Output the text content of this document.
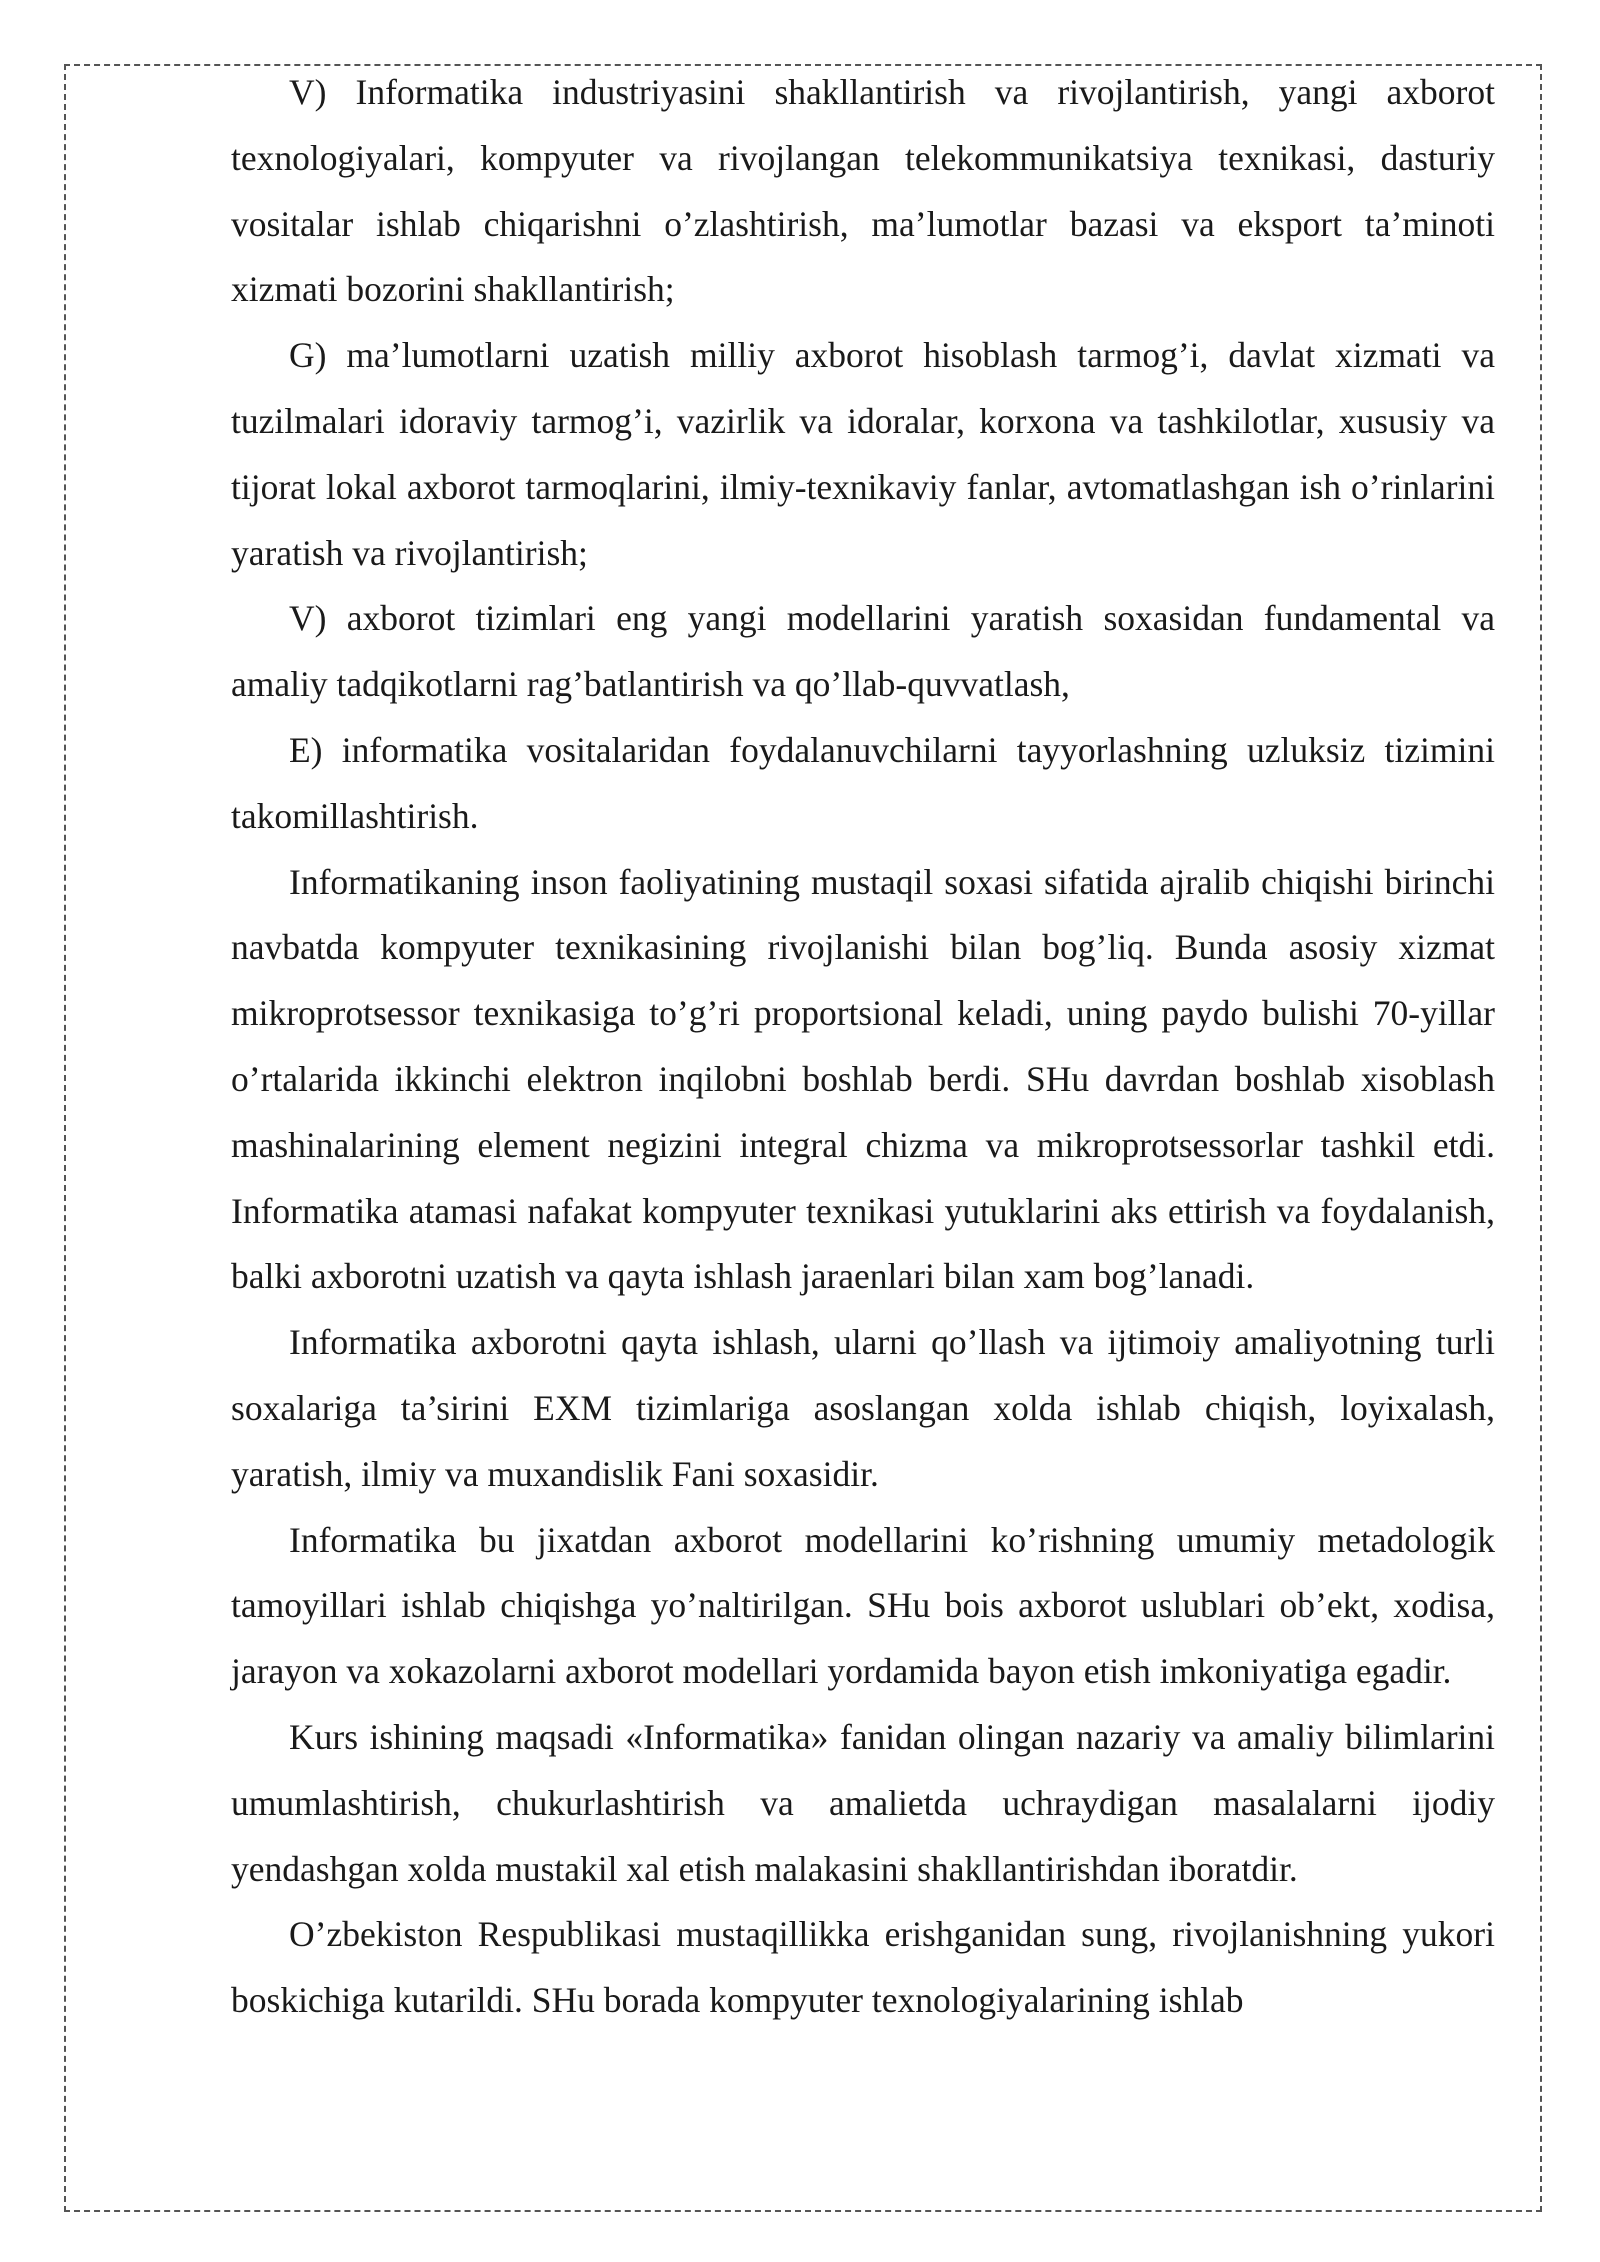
V) Informatika industriyasini shakllantirish va rivojlantirish, yangi axborot texnologiyalari, kompyuter va rivojlangan telekommunikatsiya texnikasi, dasturiy vositalar ishlab chiqarishni o’zlashtirish, ma’lumotlar bazasi va eksport ta’minoti xizmati bozorini shakllantirish;

G) ma’lumotlarni uzatish milliy axborot hisoblash tarmog’i, davlat xizmati va tuzilmalari idoraviy tarmog’i, vazirlik va idoralar, korxona va tashkilotlar, xususiy va tijorat lokal axborot tarmoqlarini, ilmiy-texnikaviy fanlar, avtomatlashgan ish o’rinlarini yaratish va rivojlantirish;

V) axborot tizimlari eng yangi modellarini yaratish soxasidan fundamental va amaliy tadqikotlarni rag’batlantirish va qo’llab-quvvatlash,

E) informatika vositalaridan foydalanuvchilarni tayyorlashning uzluksiz tizimini takomillashtirish.

Informatikaning inson faoliyatining mustaqil soxasi sifatida ajralib chiqishi birinchi navbatda kompyuter texnikasining rivojlanishi bilan bog’liq. Bunda asosiy xizmat mikroprotsessor texnikasiga to’g’ri proportsional keladi, uning paydo bulishi 70-yillar o’rtalarida ikkinchi elektron inqilobni boshlab berdi. SHu davrdan boshlab xisoblash mashinalarining element negizini integral chizma va mikroprotsessorlar tashkil etdi. Informatika atamasi nafakat kompyuter texnikasi yutuklarini aks ettirish va foydalanish, balki axborotni uzatish va qayta ishlash jaraenlari bilan xam bog’lanadi.

Informatika axborotni qayta ishlash, ularni qo’llash va ijtimoiy amaliyotning turli soxalariga ta’sirini EXM tizimlariga asoslangan xolda ishlab chiqish, loyixalash, yaratish, ilmiy va muxandislik Fani soxasidir.

Informatika bu jixatdan axborot modellarini ko’rishning umumiy metadologik tamoyillari ishlab chiqishga yo’naltirilgan. SHu bois axborot uslublari ob’ekt, xodisa, jarayon va xokazolarni axborot modellari yordamida bayon etish imkoniyatiga egadir.

Kurs ishining maqsadi «Informatika» fanidan olingan nazariy va amaliy bilimlarini umumlashtirish, chukurlashtirish va amalietda uchraydigan masalalarni ijodiy yendashgan xolda mustakil xal etish malakasini shakllantirishdan iboratdir.

O’zbekiston Respublikasi mustaqillikka erishganidan sung, rivojlanishning yukori boskichiga kutarildi. SHu borada kompyuter texnologiyalarining ishlab
